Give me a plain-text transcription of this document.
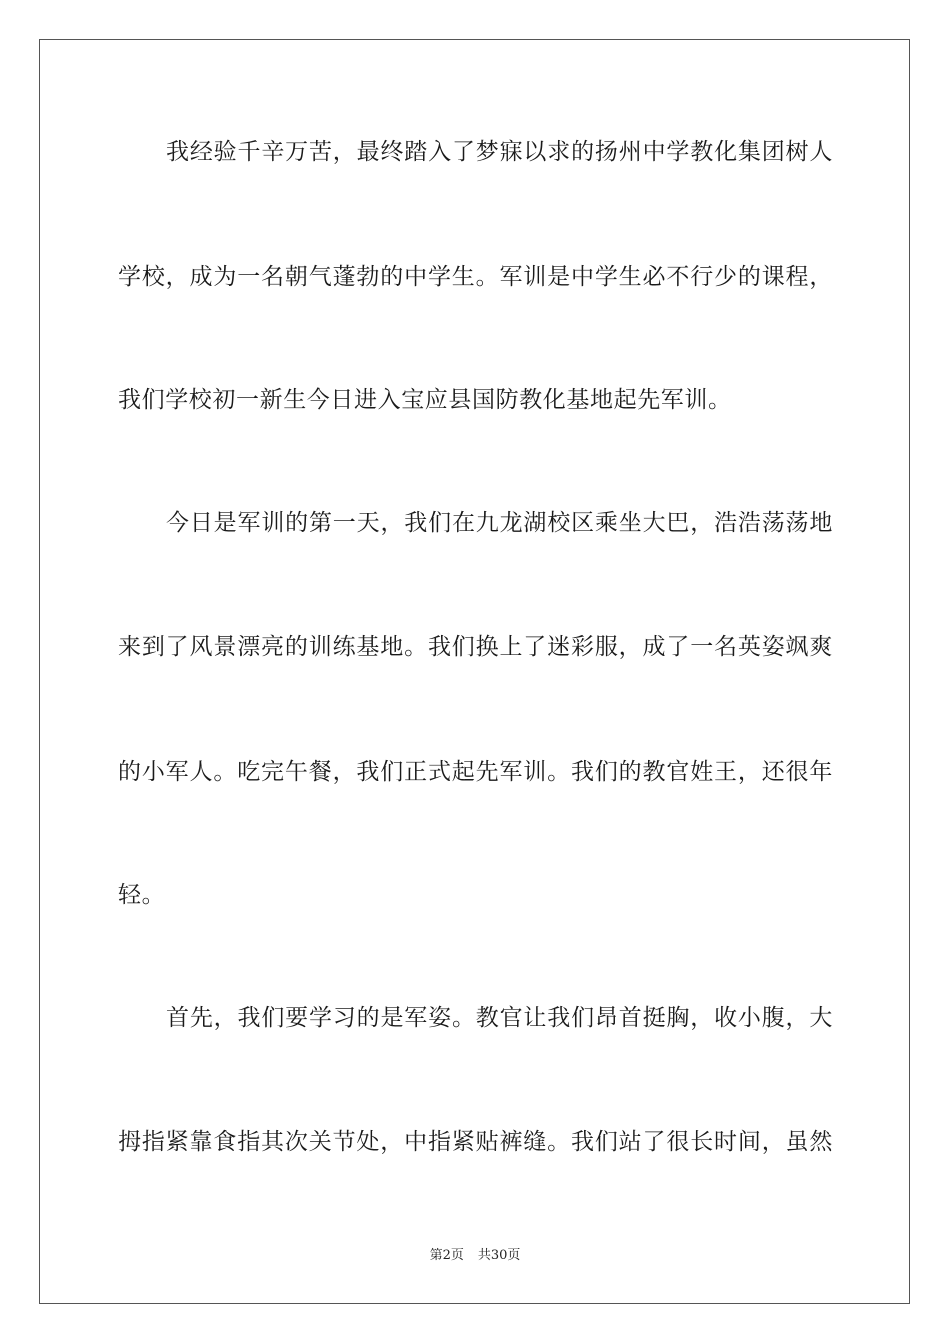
我经验千辛万苦，最终踏入了梦寐以求的扬州中学教化集团树人
学校，成为一名朝气蓬勃的中学生。军训是中学生必不行少的课程，
我们学校初一新生今日进入宝应县国防教化基地起先军训。
今日是军训的第一天，我们在九龙湖校区乘坐大巴，浩浩荡荡地
来到了风景漂亮的训练基地。我们换上了迷彩服，成了一名英姿飒爽
的小军人。吃完午餐，我们正式起先军训。我们的教官姓王，还很年
轻。
首先，我们要学习的是军姿。教官让我们昂首挺胸，收小腹，大
拇指紧靠食指其次关节处，中指紧贴裤缝。我们站了很长时间，虽然
第2页 共30页
